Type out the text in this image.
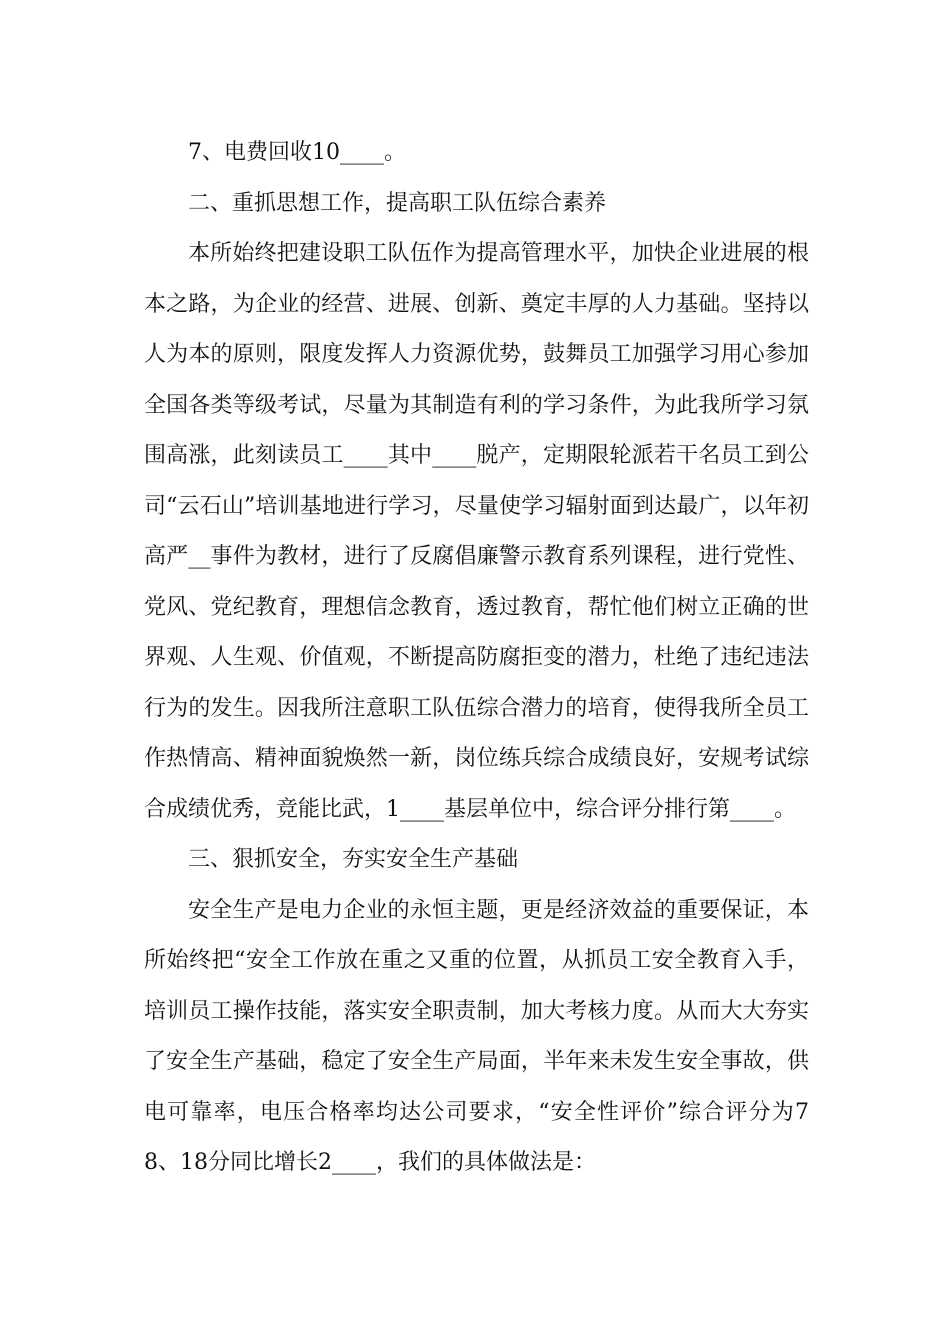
7、电费回收10____。

二、重抓思想工作，提高职工队伍综合素养

本所始终把建设职工队伍作为提高管理水平，加快企业进展的根本之路，为企业的经营、进展、创新、奠定丰厚的人力基础。坚持以人为本的原则，限度发挥人力资源优势，鼓舞员工加强学习用心参加全国各类等级考试，尽量为其制造有利的学习条件，为此我所学习氛围高涨，此刻读员工____其中____脱产，定期限轮派若干名员工到公司“云石山”培训基地进行学习，尽量使学习辐射面到达最广，以年初高严__事件为教材，进行了反腐倡廉警示教育系列课程，进行党性、党风、党纪教育，理想信念教育，透过教育，帮忙他们树立正确的世界观、人生观、价值观，不断提高防腐拒变的潜力，杜绝了违纪违法行为的发生。因我所注意职工队伍综合潜力的培育，使得我所全员工作热情高、精神面貌焕然一新，岗位练兵综合成绩良好，安规考试综合成绩优秀，竞能比武，1____基层单位中，综合评分排行第____。

三、狠抓安全，夯实安全生产基础

安全生产是电力企业的永恒主题，更是经济效益的重要保证，本所始终把“安全工作放在重之又重的位置，从抓员工安全教育入手，培训员工操作技能，落实安全职责制，加大考核力度。从而大大夯实了安全生产基础，稳定了安全生产局面，半年来未发生安全事故，供电可靠率，电压合格率均达公司要求，“安全性评价”综合评分为78、18分同比增长2____，我们的具体做法是：
